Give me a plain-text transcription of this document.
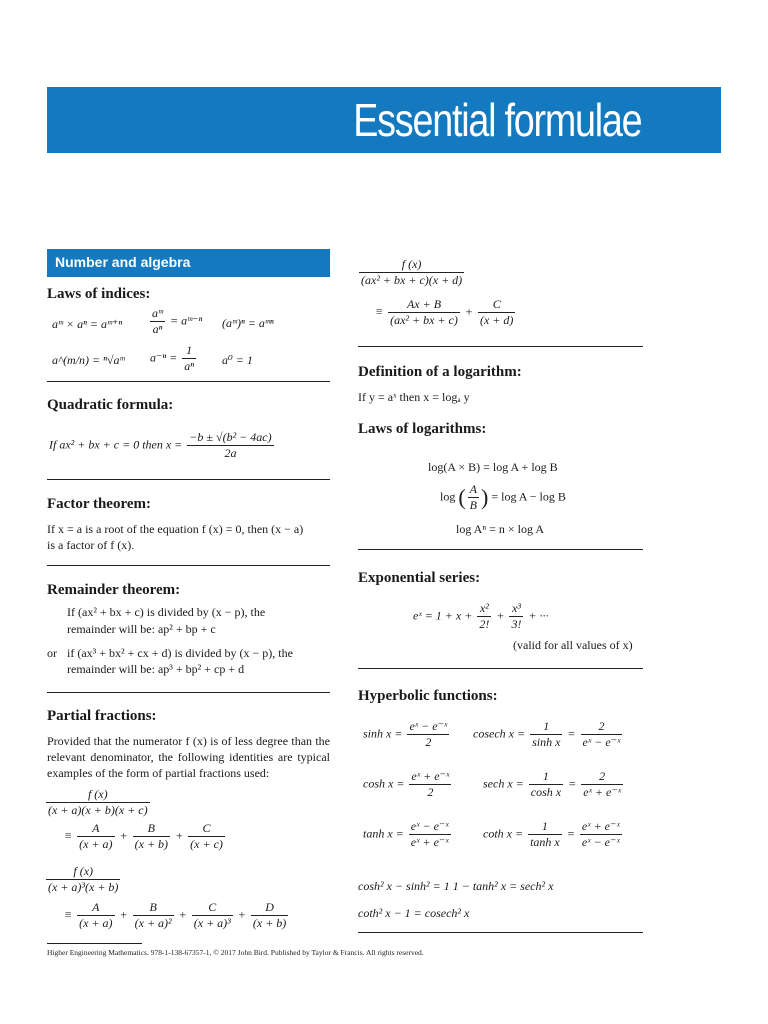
Essential formulae
Number and algebra
Laws of indices:
aᵐ × aⁿ = aᵐ⁺ⁿ $\frac{\text{aᵐ}}{\text{aⁿ}}$ = aᵐ⁻ⁿ (aᵐ)ⁿ = aᵐⁿ
a^(m/n) = ⁿ√aᵐ $a^{-n} = \frac{1}{\text{aⁿ}} a^0 = 1$
Quadratic formula:
If ax² + bx + c = 0 then $x = \frac{\text{−b ± √(b² − 4ac)}}{2a}$
Factor theorem:
If x = a is a root of the equation f (x) = 0, then (x − a)
is a factor of f (x).
Remainder theorem:
If (ax² + bx + c) is divided by (x − p), the
remainder will be: ap² + bp + c
or if (ax³ + bx² + cx + d) is divided by (x − p), the
remainder will be: ap³ + bp² + cp + d
Partial fractions:
Provided that the numerator f (x) is of less degree than the relevant denominator, the following identities are typical examples of the form of partial fractions used:
$\frac{f (x)}{(x + a)(x + b)(x + c)}$
≡ $\frac{A}{(x + a)} + \frac{B}{(x + b)} + \frac{C}{(x + c)}$
$\frac{f (x)}{\text{(x + a)³(x + b)}}$
≡ $\frac{A}{(x + a)} + \frac{B}{\text{(x + a)²}} + \frac{C}{\text{(x + a)³}} + \frac{D}{(x + b)}$
$\frac{f (x)}{\text{(ax² + bx + c)(x + d)}}$
≡ $\frac{Ax + B}{\text{(ax² + bx + c)}} + \frac{C}{(x + d)}$
Definition of a logarithm:
If y = aˣ then x = logₐ y
Laws of logarithms:
log(A × B) = log A + log B
log ( $\frac{A}{B}$ ) = log A − log B
log Aⁿ = n × log A
Exponential series:
eˣ = $1 + x + \frac{\text{x²}}{2!} + \frac{\text{x³}}{3!}$ + ···
(valid for all values of x)
Hyperbolic functions:
$\sinh x = \frac{\text{eˣ − e⁻ˣ}}{2}$ cosech $x = \frac{1}{\text{sinh x}} = \frac{2}{\text{eˣ − e⁻ˣ}}$
$\cosh x = \frac{\text{eˣ + e⁻ˣ}}{2}$	sech $x = \frac{1}{\text{cosh x}} = \frac{2}{\text{eˣ + e⁻ˣ}}$
$\tanh x = \frac{\text{eˣ − e⁻ˣ}}{\text{eˣ + e⁻ˣ}}$	coth $x = \frac{1}{\text{tanh x}} = \frac{\text{eˣ + e⁻ˣ}}{\text{eˣ − e⁻ˣ}}$
cosh² x − sinh² = 1 1 − tanh² x = sech² x
coth² x − 1 = cosech² x
Higher Engineering Mathematics. 978-1-138-67357-1, © 2017 John Bird. Published by Taylor & Francis. All rights reserved.
